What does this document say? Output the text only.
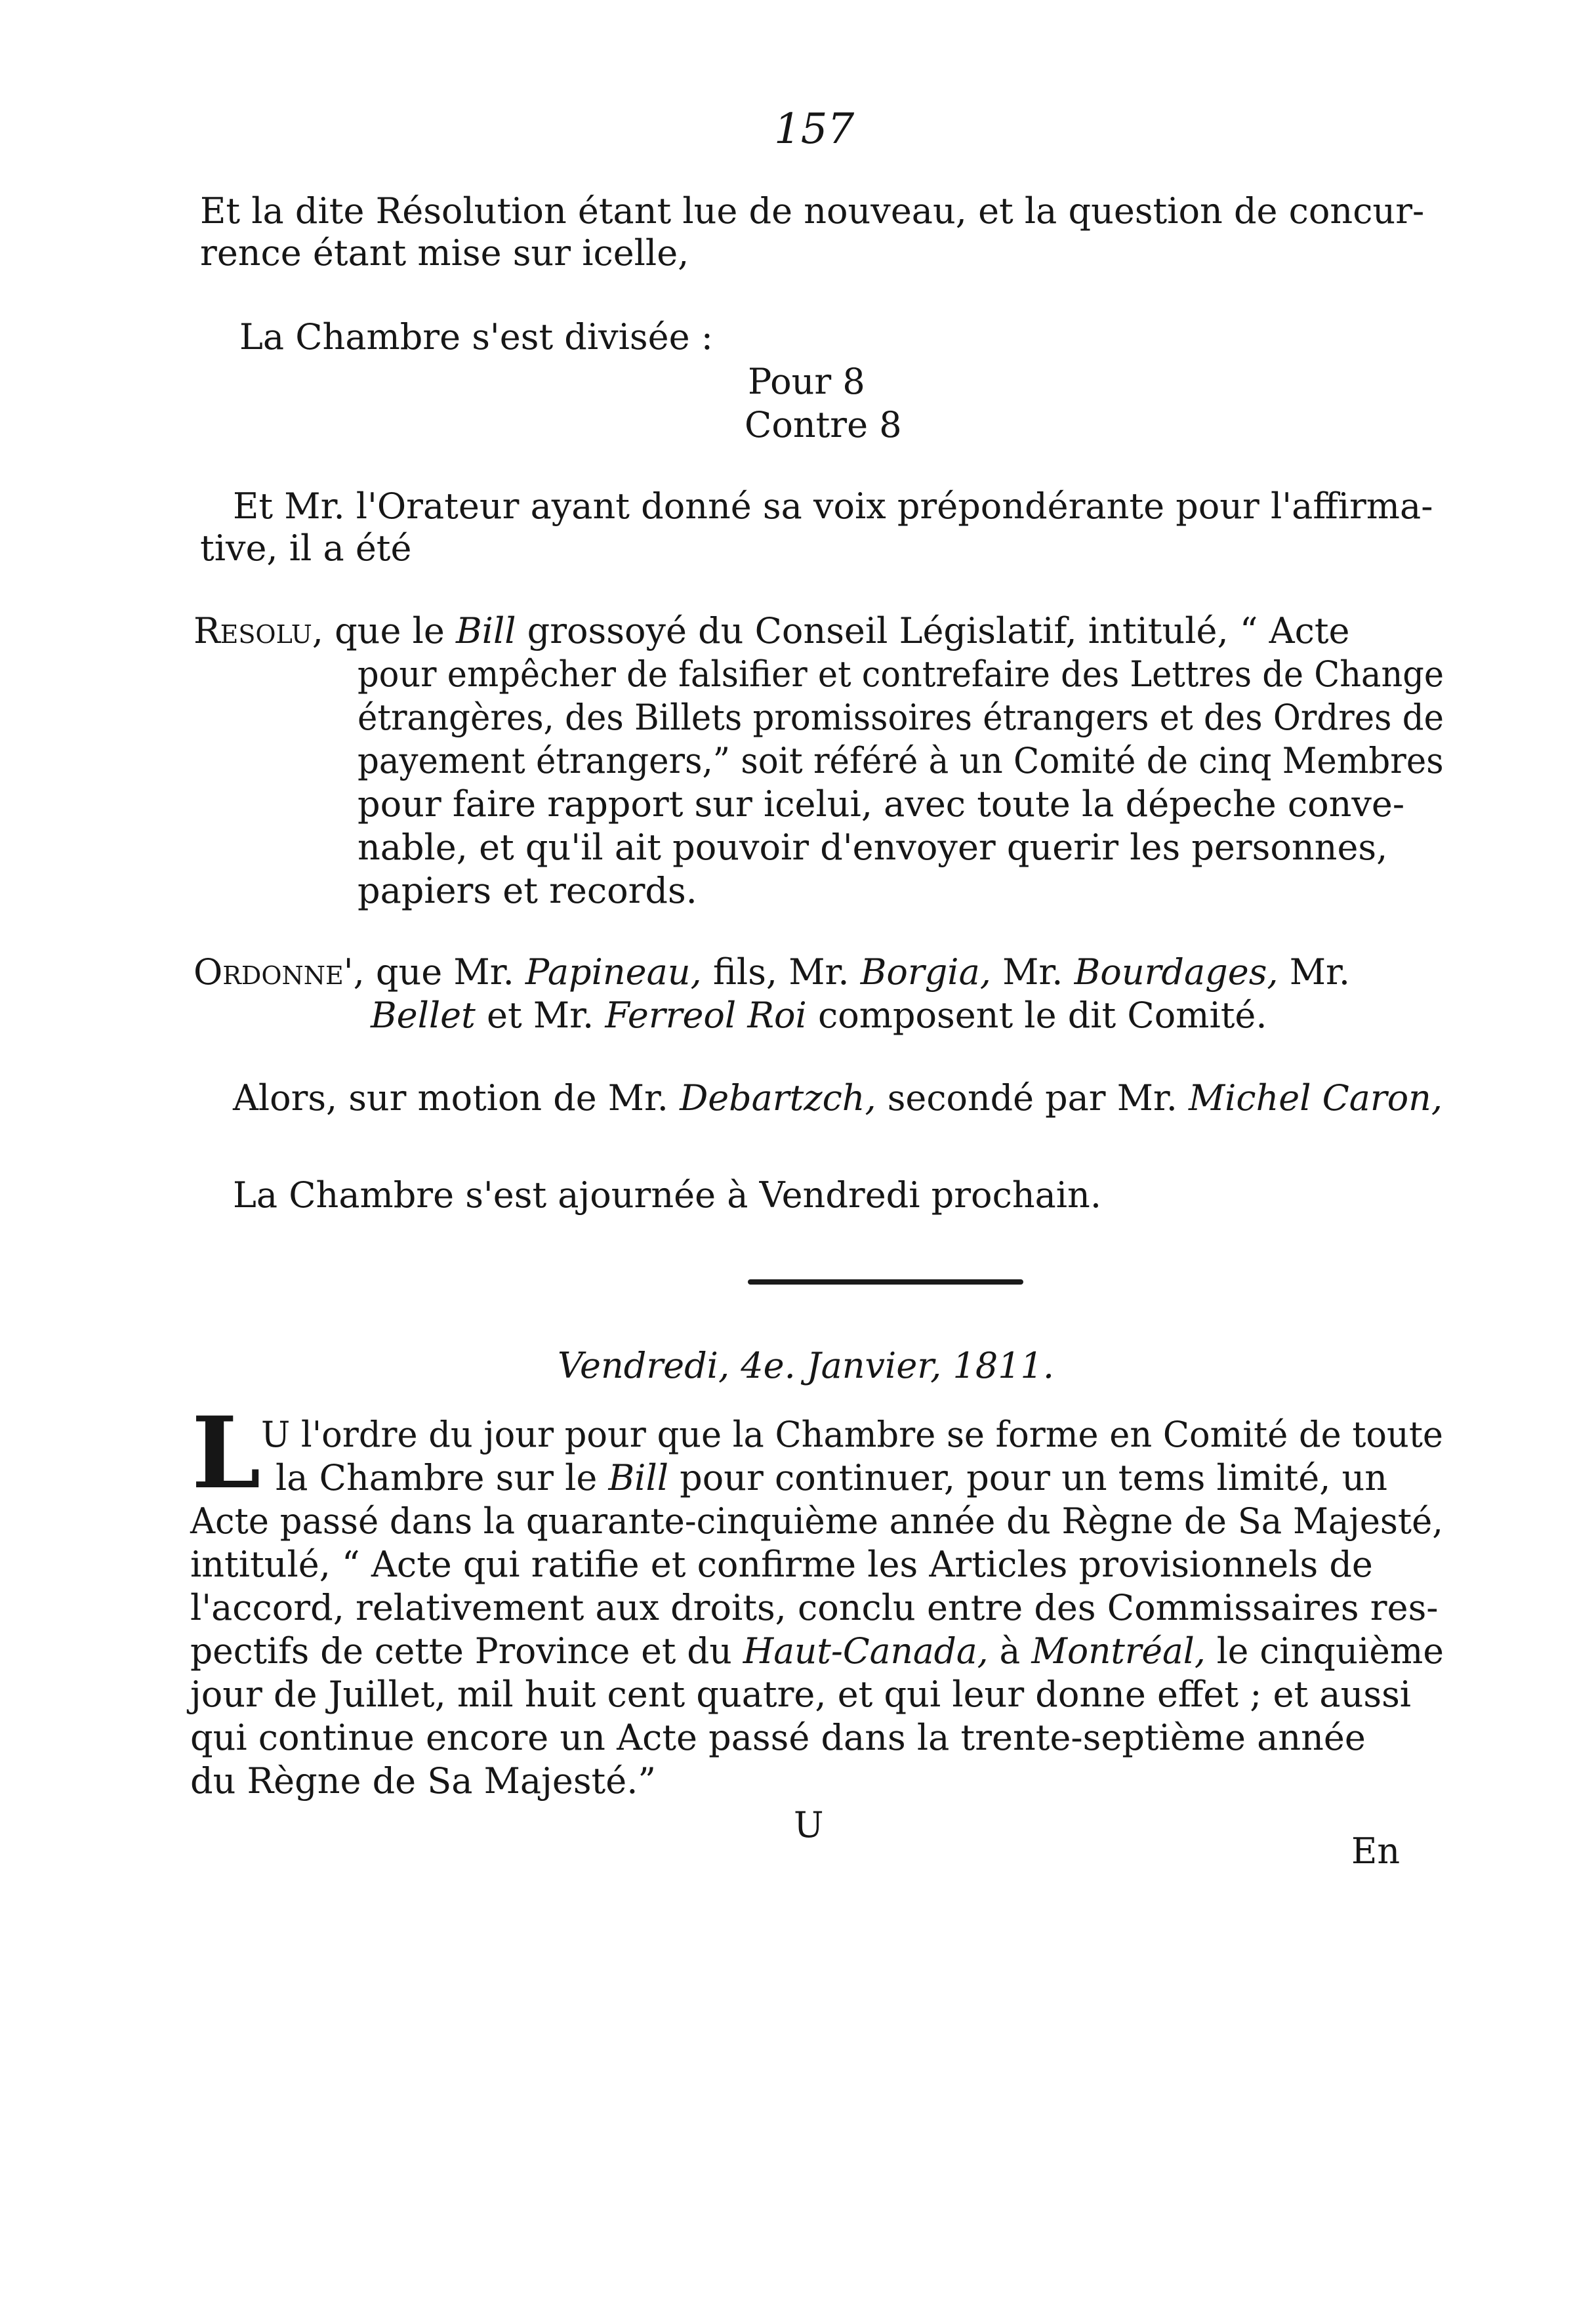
157
Et la dite Résolution étant lue de nouveau, et la question de concur-
rence étant mise sur icelle,
La Chambre s'est divisée :
Pour 8
Contre 8
Et Mr. l'Orateur ayant donné sa voix prépondérante pour l'affirma-
tive, il a été
Resolu, que le Bill grossoyé du Conseil Législatif, intitulé, “ Acte
pour empêcher de falsifier et contrefaire des Lettres de Change
étrangères, des Billets promissoires étrangers et des Ordres de
payement étrangers,” soit référé à un Comité de cinq Membres
pour faire rapport sur icelui, avec toute la dépeche conve-
nable, et qu'il ait pouvoir d'envoyer querir les personnes,
papiers et records.
Ordonne', que Mr. Papineau, fils, Mr. Borgia, Mr. Bourdages, Mr.
Bellet et Mr. Ferreol Roi composent le dit Comité.
Alors, sur motion de Mr. Debartzch, secondé par Mr. Michel Caron,
La Chambre s'est ajournée à Vendredi prochain.
Vendredi, 4e. Janvier, 1811.
L U l'ordre du jour pour que la Chambre se forme en Comité de toute
la Chambre sur le Bill pour continuer, pour un tems limité, un
Acte passé dans la quarante-cinquième année du Règne de Sa Majesté,
intitulé, “ Acte qui ratifie et confirme les Articles provisionnels de
l'accord, relativement aux droits, conclu entre des Commissaires res-
pectifs de cette Province et du Haut-Canada, à Montréal, le cinquième
jour de Juillet, mil huit cent quatre, et qui leur donne effet ; et aussi
qui continue encore un Acte passé dans la trente-septième année
du Règne de Sa Majesté.”
U
En
